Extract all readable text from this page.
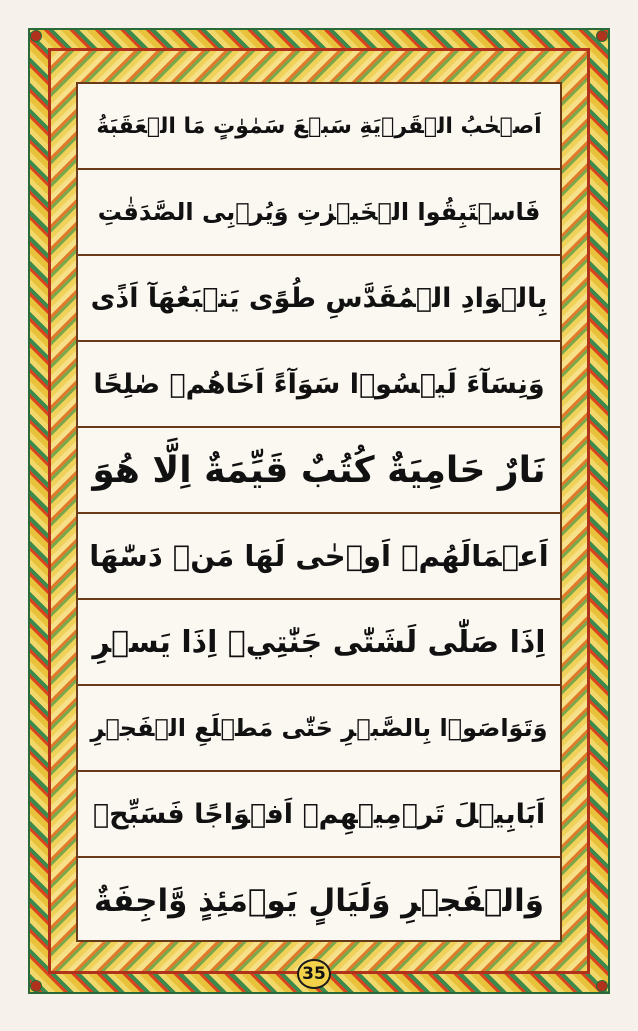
اَصۡحٰبُ الۡقَرۡيَةِ سَبۡعَ سَمٰوٰتٍ مَا الۡعَقَبَةُ
فَاسۡتَبِقُوا الۡخَيۡرٰتِ وَيُرۡبِى الصَّدَقٰتِ
بِالۡوَادِ الۡمُقَدَّسِ طُوًى يَتۡبَعُهَآ اَذًى
وَنِسَآءَ لَيۡسُوۡا سَوَآءً اَخَاهُمۡ صٰلِحًا
نَارٌ حَامِيَةٌ كُتُبٌ قَيِّمَةٌ اِلَّا هُوَ
اَعۡمَالَهُمۡ اَوۡحٰى لَهَا مَنۡ دَسّٰهَا
اِذَا صَلّٰى لَشَتّٰى جَنّٰتِيۡ اِذَا يَسۡرِ
وَتَوَاصَوۡا بِالصَّبۡرِ حَتّٰى مَطۡلَعِ الۡفَجۡرِ
اَبَابِيۡلَ تَرۡمِيۡهِمۡ اَفۡوَاجًا فَسَبِّحۡ
وَالۡفَجۡرِ وَلَيَالٍ يَوۡمَئِذٍ وَّاجِفَةٌ
35
